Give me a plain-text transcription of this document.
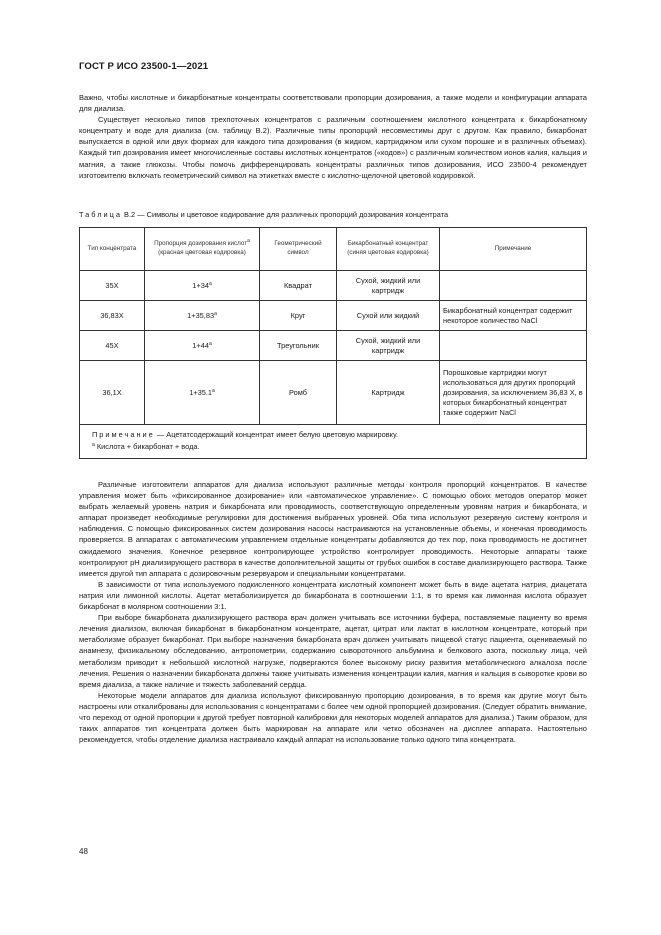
ГОСТ Р ИСО 23500-1—2021

Важно, чтобы кислотные и бикарбонатные концентраты соответствовали пропорции дозирования, а также модели и конфигурации аппарата для диализа.

Существует несколько типов трехпоточных концентратов с различным соотношением кислотного концентрата к бикарбонатному концентрату и воде для диализа (см. таблицу В.2). Различные типы пропорций несовместимы друг с другом. Как правило, бикарбонат выпускается в одной или двух формах для каждого типа дозирования (в жидком, картриджном или сухом порошке и в различных объемах). Каждый тип дозирования имеет многочисленные составы кислотных концентратов («кодов») с различным количеством ионов калия, кальция и магния, а также глюкозы. Чтобы помочь дифференцировать концентраты различных типов дозирования, ИСО 23500-4 рекомендует изготовителю включать геометрический символ на этикетках вместе с кислотно-щелочной цветовой кодировкой.

Таблица В.2 — Символы и цветовое кодирование для различных пропорций дозирования концентрата
Тип концентрата	Пропорция дозирования кислот$^а$ (красная цветовая кодировка)	Геометрический символ	Бикарбонатный концентрат (синяя цветовая кодировка)	Примечание
35X	$1+34^а$	Квадрат	Сухой, жидкий или картридж	
36,83X	$1+35,83^а$	Круг	Сухой или жидкий	Бикарбонатный концентрат содержит некоторое количество NaCl
45X	$1+44^а$	Треугольник	Сухой, жидкий или картридж	
36,1X	$1+35.1^а$	Ромб	Картридж	Порошковые картриджи могут использоваться для других пропорций дозирования, за исключением 36,83 Х, в которых бикарбонатный концентрат также содержит NaCl

Примечание — Ацетатсодержащий концентрат имеет белую цветовую маркировку.
$^а$ Кислота + бикарбонат + вода.				

Различные изготовители аппаратов для диализа используют различные методы контроля пропорций концентратов. В качестве управления может быть «фиксированное дозирование» или «автоматическое управление». С помощью обоих методов оператор может выбрать желаемый уровень натрия и бикарбоната или проводимость, соответствующую определенным уровням натрия и бикарбоната, и аппарат произведет необходимые регулировки для достижения выбранных уровней. Оба типа используют резервную систему контроля и наблюдения. С помощью фиксированных систем дозирования насосы настраиваются на установленные объемы, и конечная проводимость проверяется. В аппаратах с автоматическим управлением отдельные концентраты добавляются до тех пор, пока проводимость не достигнет ожидаемого значения. Конечное резервное контролирующее устройство контролирует проводимость. Некоторые аппараты также контролируют pH диализирующего раствора в качестве дополнительной защиты от грубых ошибок в составе диализирующего раствора. Также имеется другой тип аппарата с дозировочным резервуаром и специальными концентратами.

В зависимости от типа используемого подкисленного концентрата кислотный компонент может быть в виде ацетата натрия, диацетата натрия или лимонной кислоты. Ацетат метаболизируется до бикарбоната в соотношении 1:1, в то время как лимонная кислота образует бикарбонат в молярном соотношении 3:1.

При выборе бикарбоната диализирующего раствора врач должен учитывать все источники буфера, поставляемые пациенту во время лечения диализом, включая бикарбонат в бикарбонатном концентрате, ацетат, цитрат или лактат в кислотном концентрате, который при метаболизме образует бикарбонат. При выборе назначения бикарбоната врач должен учитывать пищевой статус пациента, оцениваемый по анамнезу, физикальному обследованию, антропометрии, содержанию сывороточного альбумина и белкового азота, поскольку лица, чей метаболизм приводит к небольшой кислотной нагрузке, подвергаются более высокому риску развития метаболического алкалоза после лечения. Решения о назначении бикарбоната должны также учитывать изменения концентрации калия, магния и кальция в сыворотке крови во время диализа, а также наличие и тяжесть заболеваний сердца.

Некоторые модели аппаратов для диализа используют фиксированную пропорцию дозирования, в то время как другие могут быть настроены или откалиброваны для использования с концентратами с более чем одной пропорцией дозирования. (Следует обратить внимание, что переход от одной пропорции к другой требует повторной калибровки для некоторых моделей аппаратов для диализа.) Таким образом, для таких аппаратов тип концентрата должен быть маркирован на аппарате или четко обозначен на дисплее аппарата. Настоятельно рекомендуется, чтобы отделение диализа настраивало каждый аппарат на использование только одного типа концентрата.

48
